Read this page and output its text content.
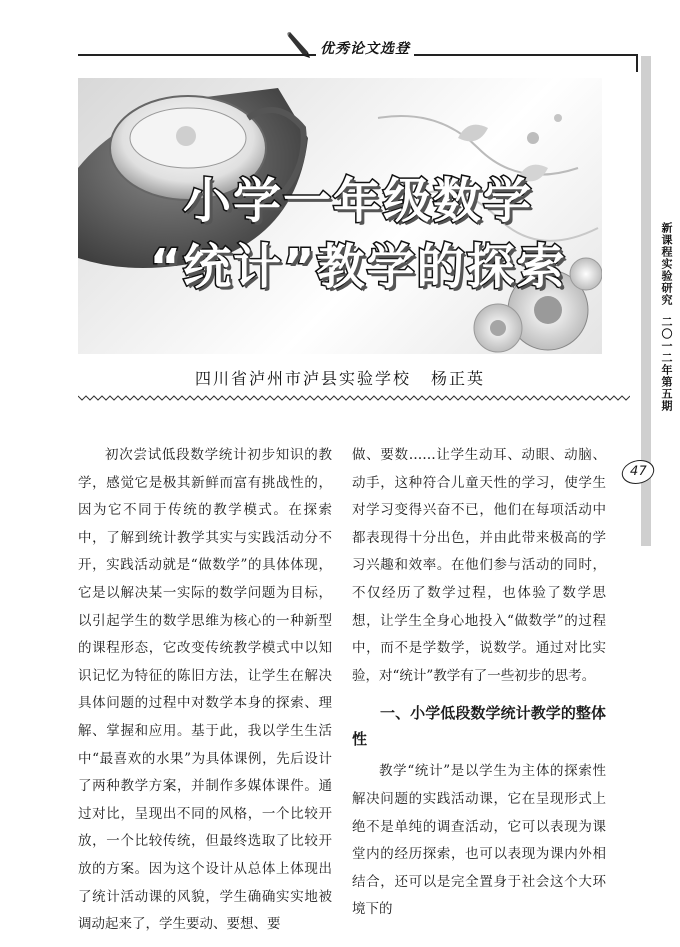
优秀论文选登
小学一年级数学
“统计”教学的探索
四川省泸州市泸县实验学校 杨正英
新课程实验研究
二〇一二年第五期
47

初次尝试低段数学统计初步知识的教学，感觉它是极其新鲜而富有挑战性的，因为它不同于传统的教学模式。在探索中，了解到统计教学其实与实践活动分不开，实践活动就是“做数学”的具体体现，它是以解决某一实际的数学问题为目标，以引起学生的数学思维为核心的一种新型的课程形态，它改变传统教学模式中以知识记忆为特征的陈旧方法，让学生在解决具体问题的过程中对数学本身的探索、理解、掌握和应用。基于此，我以学生生活中“最喜欢的水果”为具体课例，先后设计了两种教学方案，并制作多媒体课件。通过对比，呈现出不同的风格，一个比较开放，一个比较传统，但最终选取了比较开放的方案。因为这个设计从总体上体现出了统计活动课的风貌，学生确确实实地被调动起来了，学生要动、要想、要

做、要数……让学生动耳、动眼、动脑、动手，这种符合儿童天性的学习，使学生对学习变得兴奋不已，他们在每项活动中都表现得十分出色，并由此带来极高的学习兴趣和效率。在他们参与活动的同时，不仅经历了数学过程，也体验了数学思想，让学生全身心地投入“做数学”的过程中，而不是学数学，说数学。通过对比实验，对“统计”教学有了一些初步的思考。

一、小学低段数学统计教学的整体性

教学“统计”是以学生为主体的探索性解决问题的实践活动课，它在呈现形式上绝不是单纯的调查活动，它可以表现为课堂内的经历探索，也可以表现为课内外相结合，还可以是完全置身于社会这个大环境下的
